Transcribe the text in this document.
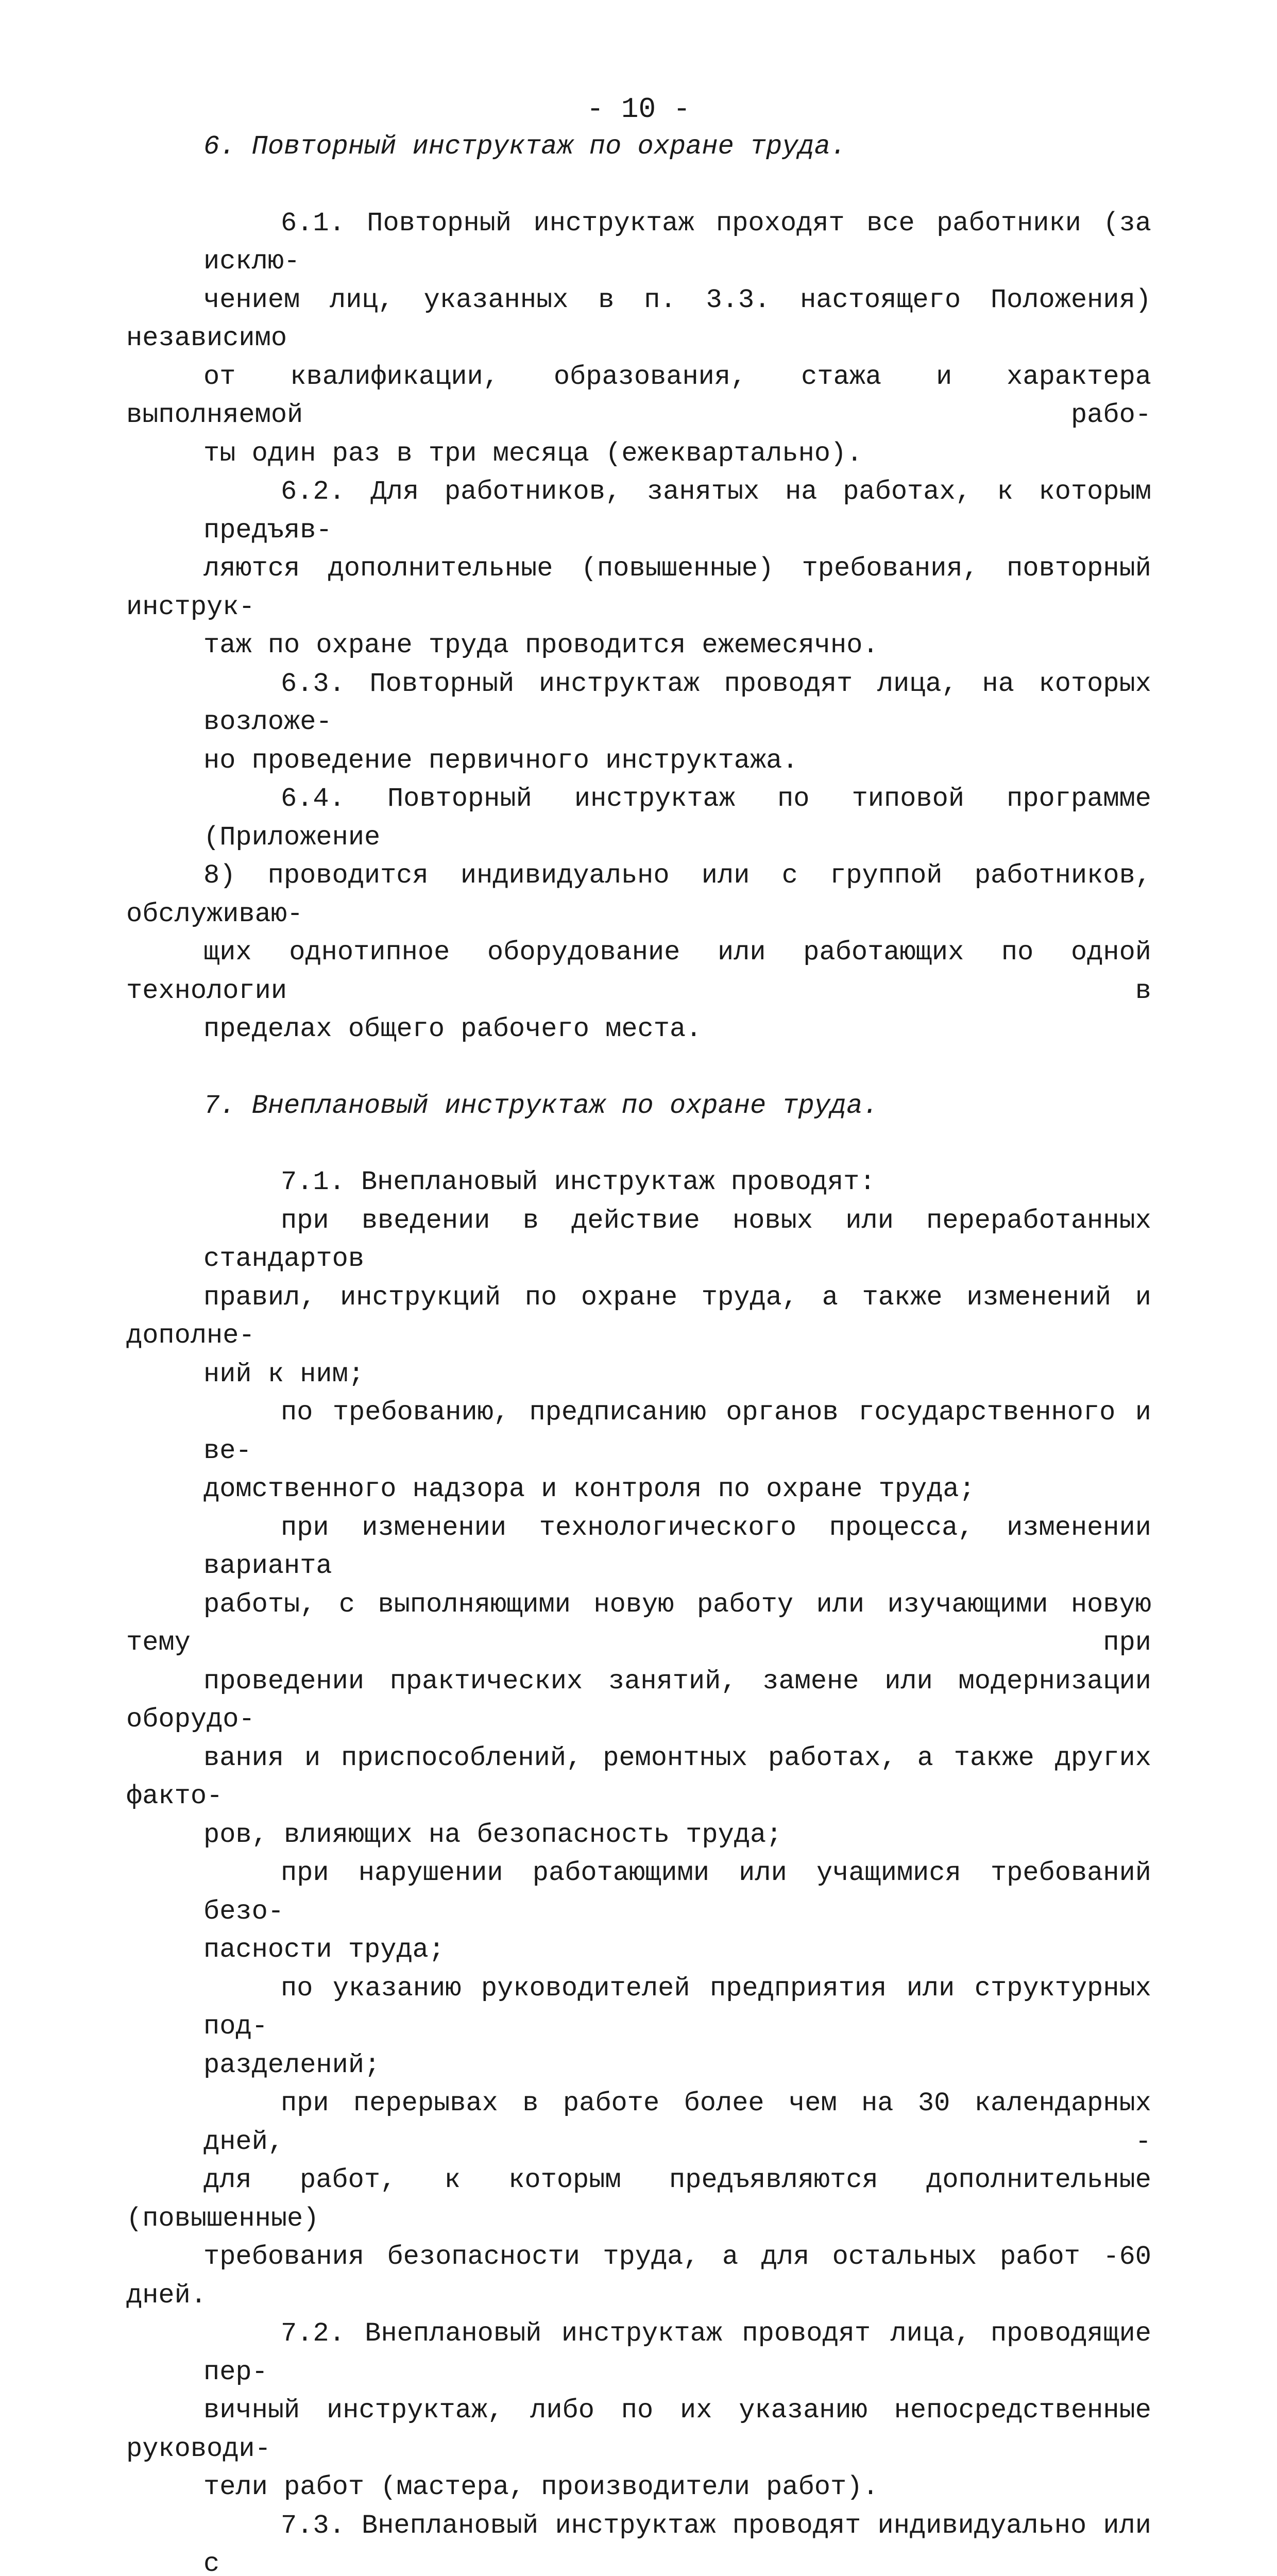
- 10 -
6. Повторный инструктаж по охране труда.

6.1. Повторный инструктаж проходят все работники (за исклю-
чением лиц, указанных в п. 3.3. настоящего Положения) независимо
от квалификации, образования, стажа и характера выполняемой рабо-
ты один раз в три месяца (ежеквартально).

6.2. Для работников, занятых на работах, к которым предъяв-
ляются дополнительные (повышенные) требования, повторный инструк-
таж по охране труда проводится ежемесячно.

6.3. Повторный инструктаж проводят лица, на которых возложе-
но проведение первичного инструктажа.

6.4. Повторный инструктаж по типовой программе (Приложение
8) проводится индивидуально или с группой работников, обслуживаю-
щих однотипное оборудование или работающих по одной технологии в
пределах общего рабочего места.

7. Внеплановый инструктаж по охране труда.

7.1. Внеплановый инструктаж проводят:

при введении в действие новых или переработанных стандартов
правил, инструкций по охране труда, а также изменений и дополне-
ний к ним;

по требованию, предписанию органов государственного и ве-
домственного надзора и контроля по охране труда;

при изменении технологического процесса, изменении варианта
работы, с выполняющими новую работу или изучающими новую тему при
проведении практических занятий, замене или модернизации оборудо-
вания и приспособлений, ремонтных работах, а также других факто-
ров, влияющих на безопасность труда;

при нарушении работающими или учащимися требований безо-
пасности труда;

по указанию руководителей предприятия или структурных под-
разделений;

при перерывах в работе более чем на 30 календарных дней, -
для работ, к которым предъявляются дополнительные (повышенные)
требования безопасности труда, а для остальных работ -60 дней.

7.2. Внеплановый инструктаж проводят лица, проводящие пер-
вичный инструктаж, либо по их указанию непосредственные руководи-
тели работ (мастера, производители работ).

7.3. Внеплановый инструктаж проводят индивидуально или с
